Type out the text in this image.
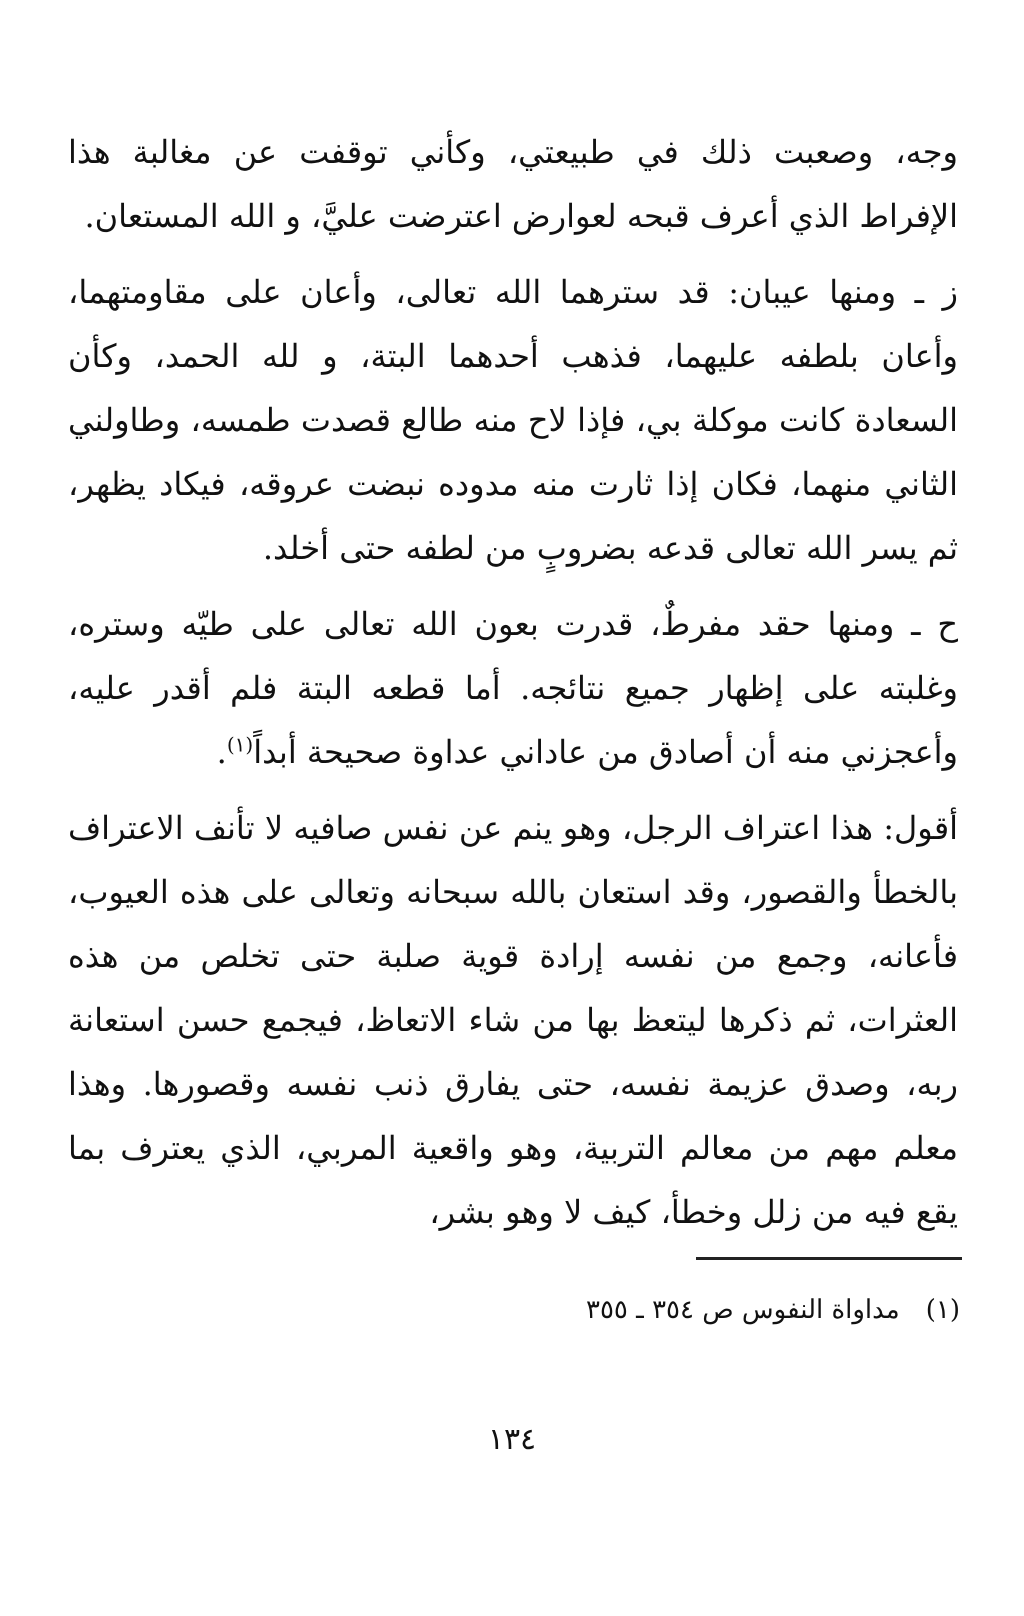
وجه، وصعبت ذلك في طبيعتي، وكأني توقفت عن مغالبة هذا الإفراط الذي أعرف قبحه لعوارض اعترضت عليَّ، و الله المستعان.

ز ـ ومنها عيبان: قد سترهما الله تعالى، وأعان على مقاومتهما، وأعان بلطفه عليهما، فذهب أحدهما البتة، و لله الحمد، وكأن السعادة كانت موكلة بي، فإذا لاح منه طالع قصدت طمسه، وطاولني الثاني منهما، فكان إذا ثارت منه مدوده نبضت عروقه، فيكاد يظهر، ثم يسر الله تعالى قدعه بضروبٍ من لطفه حتى أخلد.

ح ـ ومنها حقد مفرطٌ، قدرت بعون الله تعالى على طيّه وستره، وغلبته على إظهار جميع نتائجه. أما قطعه البتة فلم أقدر عليه، وأعجزني منه أن أصادق من عاداني عداوة صحيحة أبداً$^{(١)}$.

أقول: هذا اعتراف الرجل، وهو ينم عن نفس صافيه لا تأنف الاعتراف بالخطأ والقصور، وقد استعان بالله سبحانه وتعالى على هذه العيوب، فأعانه، وجمع من نفسه إرادة قوية صلبة حتى تخلص من هذه العثرات، ثم ذكرها ليتعظ بها من شاء الاتعاظ، فيجمع حسن استعانة ربه، وصدق عزيمة نفسه، حتى يفارق ذنب نفسه وقصورها. وهذا معلم مهم من معالم التربية، وهو واقعية المربي، الذي يعترف بما يقع فيه من زلل وخطأ، كيف لا وهو بشر،

(١)مداواة النفوس ص ٣٥٤ ـ ٣٥٥
١٣٤
